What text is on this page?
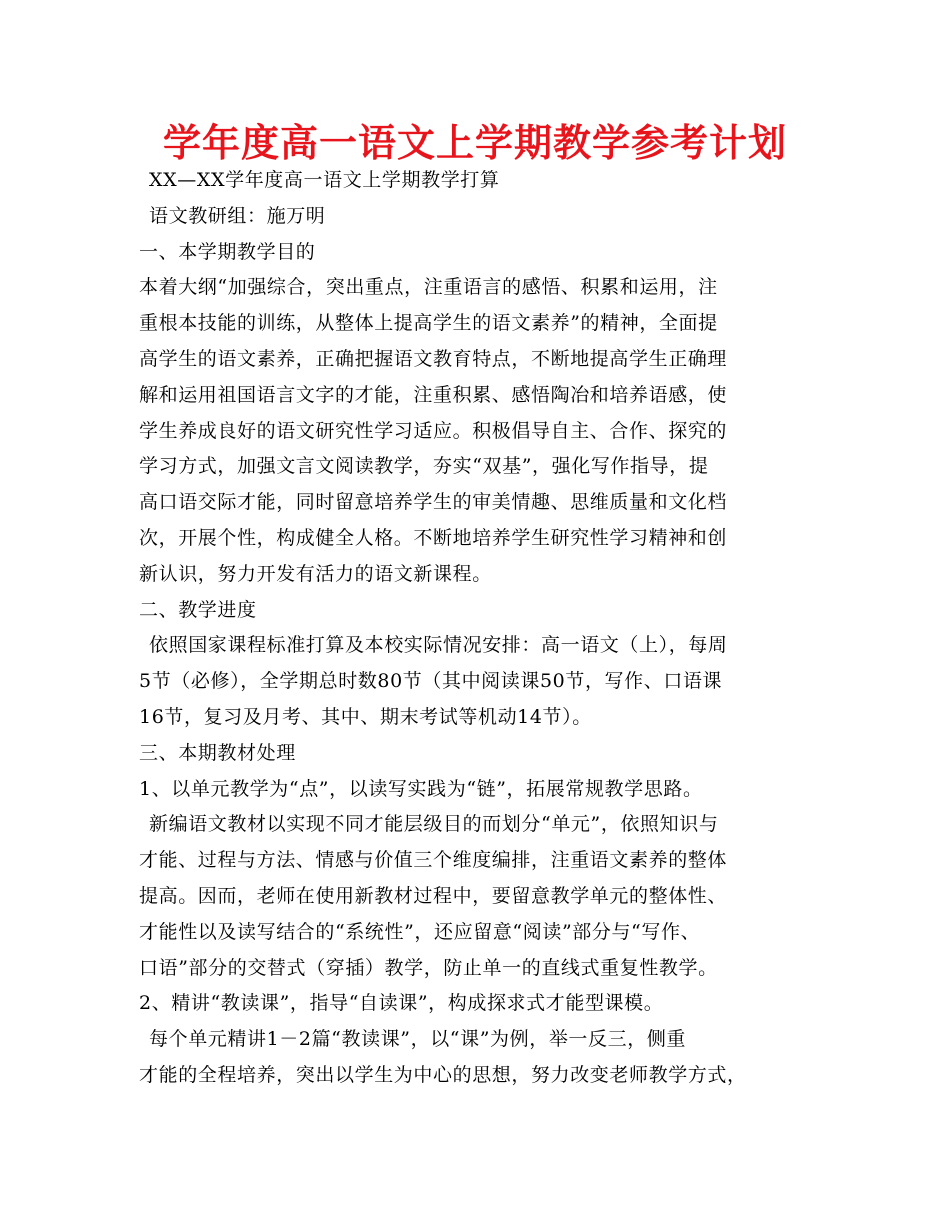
学年度高一语文上学期教学参考计划
XX—XX学年度高一语文上学期教学打算
语文教研组：施万明
一、本学期教学目的
本着大纲“加强综合，突出重点，注重语言的感悟、积累和运用，注
重根本技能的训练，从整体上提高学生的语文素养”的精神，全面提
高学生的语文素养，正确把握语文教育特点，不断地提高学生正确理
解和运用祖国语言文字的才能，注重积累、感悟陶冶和培养语感，使
学生养成良好的语文研究性学习适应。积极倡导自主、合作、探究的
学习方式，加强文言文阅读教学，夯实“双基”，强化写作指导，提
高口语交际才能，同时留意培养学生的审美情趣、思维质量和文化档
次，开展个性，构成健全人格。不断地培养学生研究性学习精神和创
新认识，努力开发有活力的语文新课程。
二、教学进度
依照国家课程标准打算及本校实际情况安排：高一语文（上），每周
5节（必修），全学期总时数80节（其中阅读课50节，写作、口语课
16节，复习及月考、其中、期末考试等机动14节）。
三、本期教材处理
1、以单元教学为“点”，以读写实践为“链”，拓展常规教学思路。
新编语文教材以实现不同才能层级目的而划分“单元”，依照知识与
才能、过程与方法、情感与价值三个维度编排，注重语文素养的整体
提高。因而，老师在使用新教材过程中，要留意教学单元的整体性、
才能性以及读写结合的“系统性”，还应留意“阅读”部分与“写作、
口语”部分的交替式（穿插）教学，防止单一的直线式重复性教学。
2、精讲“教读课”，指导“自读课”，构成探求式才能型课模。
每个单元精讲1－2篇“教读课”，以“课”为例，举一反三，侧重
才能的全程培养，突出以学生为中心的思想，努力改变老师教学方式，
